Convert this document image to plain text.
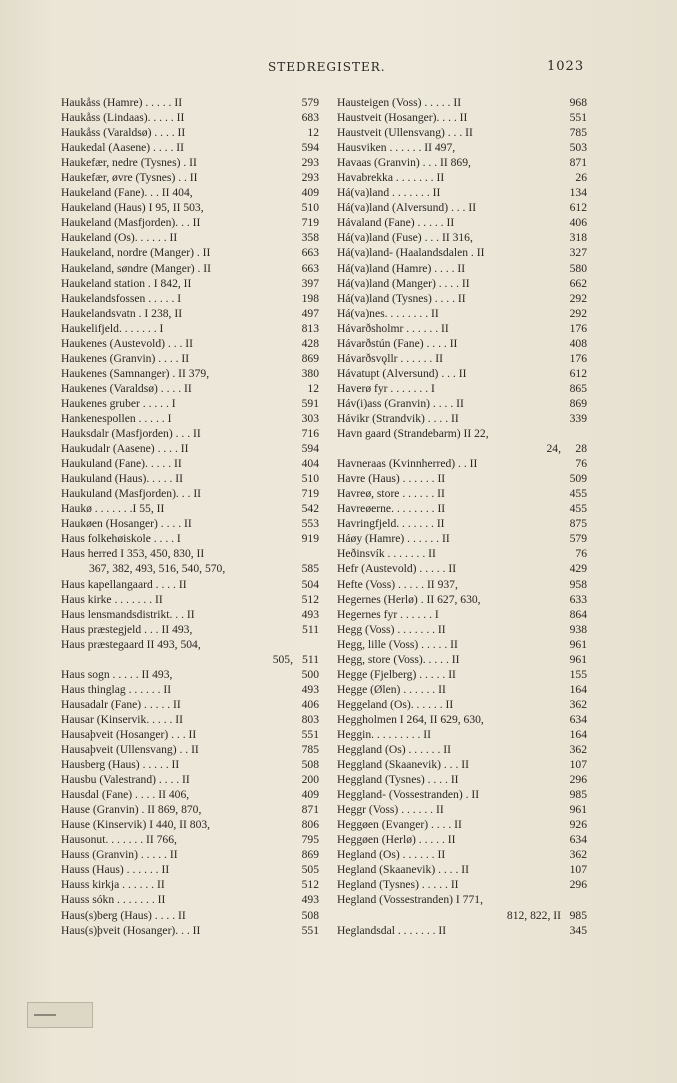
STEDREGISTER.	1023
Haukåss (Hamre) . . . . . II	579
Haukåss (Lindaas). . . . . II	683
Haukåss (Varaldsø) . . . . II	12
Haukedal (Aasene) . . . . II	594
Haukefær, nedre (Tysnes) . II	293
Haukefær, øvre (Tysnes) . . II	293
Haukeland (Fane). . . II 404,	409
Haukeland (Haus) I 95, II 503,	510
Haukeland (Masfjorden). . . II	719
Haukeland (Os). . . . . . II	358
Haukeland, nordre (Manger) . II	663
Haukeland, søndre (Manger) . II	663
Haukeland station . I 842, II	397
Haukelandsfossen . . . . . I	198
Haukelandsvatn . I 238, II	497
Haukelifjeld. . . . . . . I	813
Haukenes (Austevold) . . . II	428
Haukenes (Granvin) . . . . II	869
Haukenes (Samnanger) . II 379,	380
Haukenes (Varaldsø) . . . . II	12
Haukenes gruber . . . . . I	591
Hankenespollen . . . . . I	303
Hauksdalr (Masfjorden) . . . II	716
Haukudalr (Aasene) . . . . II	594
Haukuland (Fane). . . . . II	404
Haukuland (Haus). . . . . II	510
Haukuland (Masfjorden). . . II	719
Haukø . . . . . . .I 55, II	542
Haukøen (Hosanger) . . . . II	553
Haus folkehøiskole . . . . I	919
Haus herred I 353, 450, 830, II
367, 382, 493, 516, 540, 570,	585
Haus kapellangaard . . . . II	504
Haus kirke . . . . . . . II	512
Haus lensmandsdistrikt. . . II	493
Haus præstegjeld . . . II 493,	511
Haus præstegaard II 493, 504,
505, 511
Haus sogn . . . . . II 493,	500
Haus thinglag . . . . . . II	493
Hausadalr (Fane) . . . . . II	406
Hausar (Kinservik. . . . . II	803
Hausaþveit (Hosanger) . . . II	551
Hausaþveit (Ullensvang) . . II	785
Hausberg (Haus) . . . . . II	508
Hausbu (Valestrand) . . . . II	200
Hausdal (Fane) . . . . II 406,	409
Hause (Granvin) . II 869, 870,	871
Hause (Kinservik) I 440, II 803,	806
Hausonut. . . . . . . II 766,	795
Hauss (Granvin) . . . . . II	869
Hauss (Haus) . . . . . . II	505
Hauss kirkja . . . . . . II	512
Hauss sókn . . . . . . . II	493
Haus(s)berg (Haus) . . . . II	508
Haus(s)þveit (Hosanger). . . II	551
Hausteigen (Voss) . . . . . II	968
Haustveit (Hosanger). . . . II	551
Haustveit (Ullensvang) . . . II	785
Hausviken . . . . . . II 497,	503
Havaas (Granvin) . . . II 869,	871
Havabrekka . . . . . . . II	26
Há(va)land . . . . . . . II	134
Há(va)land (Alversund) . . . II	612
Hávaland (Fane) . . . . . II	406
Há(va)land (Fuse) . . . II 316,	318
Há(va)land- (Haalandsdalen . II	327
Há(va)land (Hamre) . . . . II	580
Há(va)land (Manger) . . . . II	662
Há(va)land (Tysnes) . . . . II	292
Há(va)nes. . . . . . . . II	292
Hávarðsholmr . . . . . . II	176
Hávarðstún (Fane) . . . . II	408
Hávarðsvǫllr . . . . . . II	176
Hávatupt (Alversund) . . . II	612
Haverø fyr . . . . . . . I	865
Háv(i)ass (Granvin) . . . . II	869
Hávikr (Strandvik) . . . . II	339
Havn gaard (Strandebarm) II 22,
24, 28
Havneraas (Kvinnherred) . . II	76
Havre (Haus) . . . . . . II	509
Havreø, store . . . . . . II	455
Havreøerne. . . . . . . . II	455
Havringfjeld. . . . . . . II	875
Háøy (Hamre) . . . . . . II	579
Heðinsvík . . . . . . . II	76
Hefr (Austevold) . . . . . II	429
Hefte (Voss) . . . . . II 937,	958
Hegernes (Herlø) . II 627, 630,	633
Hegernes fyr . . . . . . I	864
Hegg (Voss) . . . . . . . II	938
Hegg, lille (Voss) . . . . . II	961
Hegg, store (Voss). . . . . II	961
Hegge (Fjelberg) . . . . . II	155
Hegge (Ølen) . . . . . . II	164
Heggeland (Os). . . . . . II	362
Heggholmen I 264, II 629, 630,	634
Heggin. . . . . . . . . II	164
Heggland (Os) . . . . . . II	362
Heggland (Skaanevik) . . . II	107
Heggland (Tysnes) . . . . II	296
Heggland- (Vossestranden) . II	985
Heggr (Voss) . . . . . . II	961
Heggøen (Evanger) . . . . II	926
Heggøen (Herlø) . . . . . II	634
Hegland (Os) . . . . . . II	362
Hegland (Skaanevik) . . . . II	107
Hegland (Tysnes) . . . . . II	296
Hegland (Vossestranden) I 771,
812, 822, II 985
Heglandsdal . . . . . . . II	345
